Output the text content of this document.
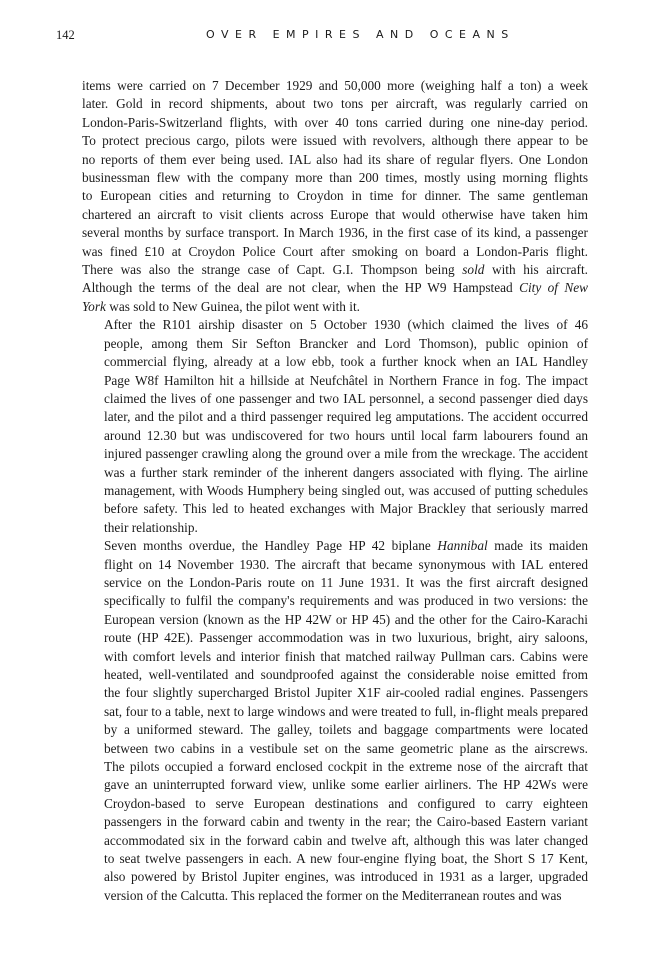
142	OVER EMPIRES AND OCEANS

items were carried on 7 December 1929 and 50,000 more (weighing half a ton) a week
later. Gold in record shipments, about two tons per aircraft, was regularly carried on
London-Paris-Switzerland flights, with over 40 tons carried during one nine-day period.
To protect precious cargo, pilots were issued with revolvers, although there appear to be
no reports of them ever being used. IAL also had its share of regular flyers. One London
businessman flew with the company more than 200 times, mostly using morning flights
to European cities and returning to Croydon in time for dinner. The same gentleman
chartered an aircraft to visit clients across Europe that would otherwise have taken him
several months by surface transport. In March 1936, in the first case of its kind, a passenger
was fined £10 at Croydon Police Court after smoking on board a London-Paris flight.
There was also the strange case of Capt. G.I. Thompson being sold with his aircraft.
Although the terms of the deal are not clear, when the HP W9 Hampstead City of New
York was sold to New Guinea, the pilot went with it.

After the R101 airship disaster on 5 October 1930 (which claimed the lives of 46
people, among them Sir Sefton Brancker and Lord Thomson), public opinion of
commercial flying, already at a low ebb, took a further knock when an IAL Handley
Page W8f Hamilton hit a hillside at Neufchâtel in Northern France in fog. The impact
claimed the lives of one passenger and two IAL personnel, a second passenger died days
later, and the pilot and a third passenger required leg amputations. The accident occurred
around 12.30 but was undiscovered for two hours until local farm labourers found an
injured passenger crawling along the ground over a mile from the wreckage. The accident
was a further stark reminder of the inherent dangers associated with flying. The airline
management, with Woods Humphery being singled out, was accused of putting schedules
before safety. This led to heated exchanges with Major Brackley that seriously marred
their relationship.

Seven months overdue, the Handley Page HP 42 biplane Hannibal made its maiden
flight on 14 November 1930. The aircraft that became synonymous with IAL entered
service on the London-Paris route on 11 June 1931. It was the first aircraft designed
specifically to fulfil the company's requirements and was produced in two versions: the
European version (known as the HP 42W or HP 45) and the other for the Cairo-Karachi
route (HP 42E). Passenger accommodation was in two luxurious, bright, airy saloons,
with comfort levels and interior finish that matched railway Pullman cars. Cabins were
heated, well-ventilated and soundproofed against the considerable noise emitted from
the four slightly supercharged Bristol Jupiter X1F air-cooled radial engines. Passengers
sat, four to a table, next to large windows and were treated to full, in-flight meals prepared
by a uniformed steward. The galley, toilets and baggage compartments were located
between two cabins in a vestibule set on the same geometric plane as the airscrews.
The pilots occupied a forward enclosed cockpit in the extreme nose of the aircraft that
gave an uninterrupted forward view, unlike some earlier airliners. The HP 42Ws were
Croydon-based to serve European destinations and configured to carry eighteen
passengers in the forward cabin and twenty in the rear; the Cairo-based Eastern variant
accommodated six in the forward cabin and twelve aft, although this was later changed
to seat twelve passengers in each. A new four-engine flying boat, the Short S 17 Kent,
also powered by Bristol Jupiter engines, was introduced in 1931 as a larger, upgraded
version of the Calcutta. This replaced the former on the Mediterranean routes and was
